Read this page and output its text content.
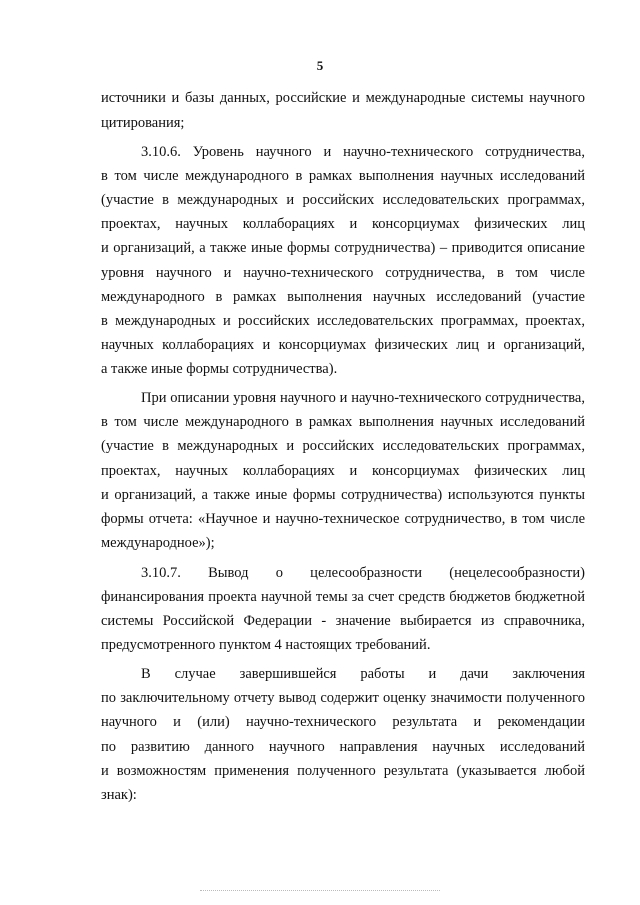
5
источники и базы данных, российские и международные системы научного
цитирования;
3.10.6. Уровень научного и научно-технического сотрудничества,
в том числе международного в рамках выполнения научных исследований
(участие в международных и российских исследовательских программах,
проектах, научных коллаборациях и консорциумах физических лиц
и организаций, а также иные формы сотрудничества) – приводится описание
уровня научного и научно-технического сотрудничества, в том числе
международного в рамках выполнения научных исследований (участие
в международных и российских исследовательских программах, проектах,
научных коллаборациях и консорциумах физических лиц и организаций,
а также иные формы сотрудничества).
При описании уровня научного и научно-технического сотрудничества,
в том числе международного в рамках выполнения научных исследований
(участие в международных и российских исследовательских программах,
проектах, научных коллаборациях и консорциумах физических лиц
и организаций, а также иные формы сотрудничества) используются пункты
формы отчета: «Научное и научно-техническое сотрудничество, в том числе
международное»);
3.10.7. Вывод о целесообразности (нецелесообразности)
финансирования проекта научной темы за счет средств бюджетов бюджетной
системы Российской Федерации - значение выбирается из справочника,
предусмотренного пунктом 4 настоящих требований.
В случае завершившейся работы и дачи заключения
по заключительному отчету вывод содержит оценку значимости полученного
научного и (или) научно-технического результата и рекомендации
по развитию данного научного направления научных исследований
и возможностям применения полученного результата (указывается любой
знак):
